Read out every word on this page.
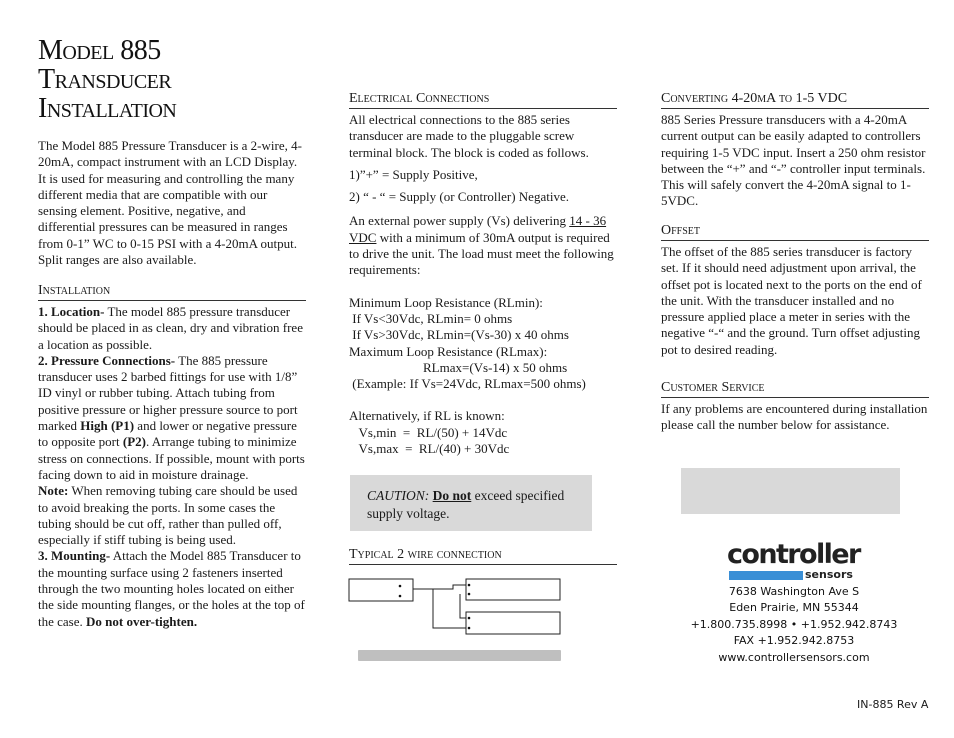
Model 885
Transducer
Installation

The Model 885 Pressure Transducer is a 2-wire, 4-20mA, compact instrument with an LCD Display. It is used for measuring and controlling the many different media that are compatible with our sensing element. Positive, negative, and differential pressures can be measured in ranges from 0-1” WC to 0-15 PSI with a 4-20mA output. Split ranges are also available.

Installation

1. Location- The model 885 pressure transducer should be placed in as clean, dry and vibration free a location as possible.

2. Pressure Connections- The 885 pressure transducer uses 2 barbed fittings for use with 1/8” ID vinyl or rubber tubing. Attach tubing from positive pressure or higher pressure source to port marked High (P1) and lower or negative pressure to opposite port (P2). Arrange tubing to minimize stress on connections. If possible, mount with ports facing down to aid in moisture drainage.

Note: When removing tubing care should be used to avoid breaking the ports. In some cases the tubing should be cut off, rather than pulled off, especially if stiff tubing is being used.

3. Mounting- Attach the Model 885 Transducer to the mounting surface using 2 fasteners inserted through the two mounting holes located on either the side mounting flanges, or the holes at the top of the case. Do not over-tighten.

Electrical Connections

All electrical connections to the 885 series transducer are made to the pluggable screw terminal block. The block is coded as follows.

1)”+” = Supply Positive,

2) “ - “ = Supply (or Controller) Negative.

An external power supply (Vs) delivering 14 - 36 VDC with a minimum of 30mA output is required to drive the unit. The load must meet the following requirements:

Minimum Loop Resistance (RLmin):
If Vs<30Vdc, RLmin= 0 ohms
If Vs>30Vdc, RLmin=(Vs-30) x 40 ohms
Maximum Loop Resistance (RLmax):
RLmax=(Vs-14) x 50 ohms
(Example: If Vs=24Vdc, RLmax=500 ohms)
Alternatively, if RL is known:
Vs,min  =  RL/(50) + 14Vdc
Vs,max  =  RL/(40) + 30Vdc

CAUTION: Do not exceed specified supply voltage.

Typical 2 wire connection
Converting 4-20mA to 1-5 VDC

885 Series Pressure transducers with a 4-20mA current output can be easily adapted to controllers requiring 1-5 VDC input. Insert a 250 ohm resistor between the “+” and “-” controller input terminals. This will safely convert the 4-20mA signal to 1-5VDC.

Offset

The offset of the 885 series transducer is factory set. If it should need adjustment upon arrival, the offset pot is located next to the ports on the end of the unit. With the transducer installed and no pressure applied place a meter in series with the negative “-“ and the ground. Turn offset adjusting pot to desired reading.

Customer Service

If any problems are encountered during installation please call the number below for assistance.

controller
sensors
7638 Washington Ave S
Eden Prairie, MN 55344
+1.800.735.8998 • +1.952.942.8743
FAX +1.952.942.8753
www.controllersensors.com
IN-885 Rev A
